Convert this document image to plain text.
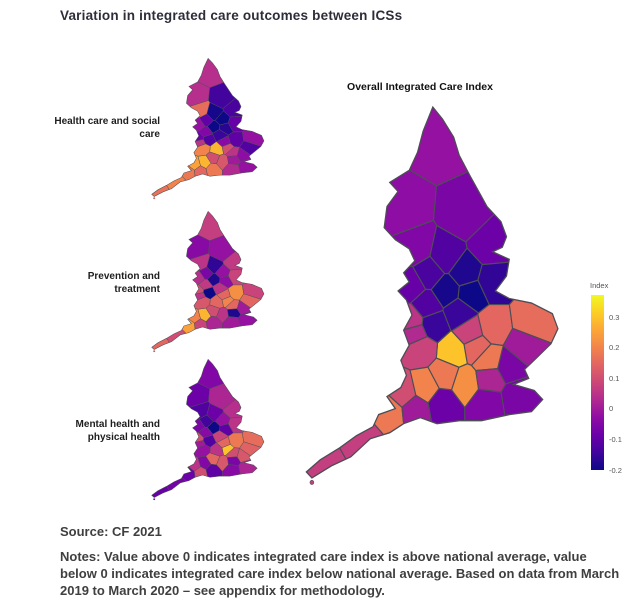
Variation in integrated care outcomes between ICSs
Health care and social care
Prevention and treatment
Mental health and physical health
Overall Integrated Care Index
Index
0.3
0.2
0.1
0
-0.1
-0.2
Source: CF 2021
Notes: Value above 0 indicates integrated care index is above national average, value below 0 indicates integrated care index below national average. Based on data from March 2019 to March 2020 – see appendix for methodology.
